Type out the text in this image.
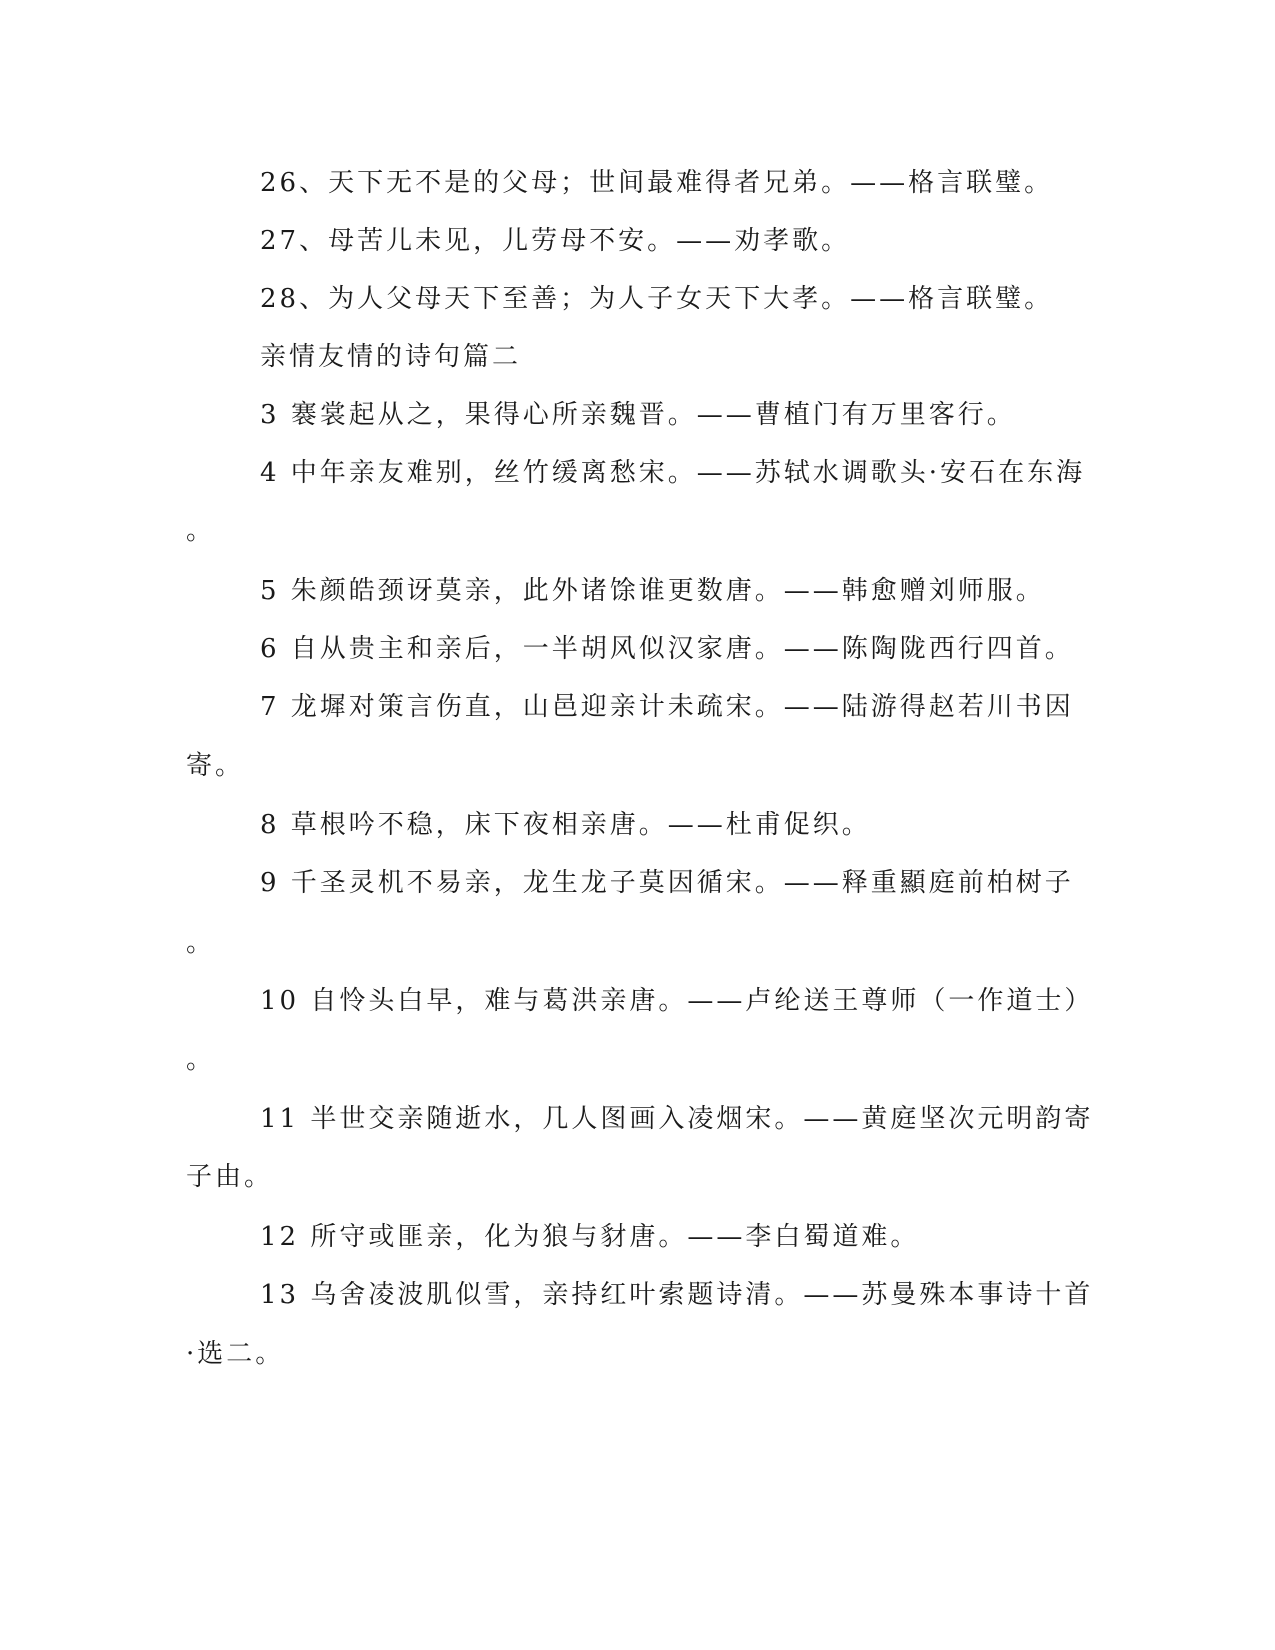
26、天下无不是的父母；世间最难得者兄弟。——格言联璧。
27、母苦儿未见，儿劳母不安。——劝孝歌。
28、为人父母天下至善；为人子女天下大孝。——格言联璧。
亲情友情的诗句篇二
3 褰裳起从之，果得心所亲魏晋。——曹植门有万里客行。
4 中年亲友难别，丝竹缓离愁宋。——苏轼水调歌头·安石在东海
。
5 朱颜皓颈讶莫亲，此外诸馀谁更数唐。——韩愈赠刘师服。
6 自从贵主和亲后，一半胡风似汉家唐。——陈陶陇西行四首。
7 龙墀对策言伤直，山邑迎亲计未疏宋。——陆游得赵若川书因
寄。
8 草根吟不稳，床下夜相亲唐。——杜甫促织。
9 千圣灵机不易亲，龙生龙子莫因循宋。——释重顯庭前柏树子
。
10 自怜头白早，难与葛洪亲唐。——卢纶送王尊师（一作道士）
。
11 半世交亲随逝水，几人图画入凌烟宋。——黄庭坚次元明韵寄
子由。
12 所守或匪亲，化为狼与豺唐。——李白蜀道难。
13 乌舍凌波肌似雪，亲持红叶索题诗清。——苏曼殊本事诗十首
·选二。
